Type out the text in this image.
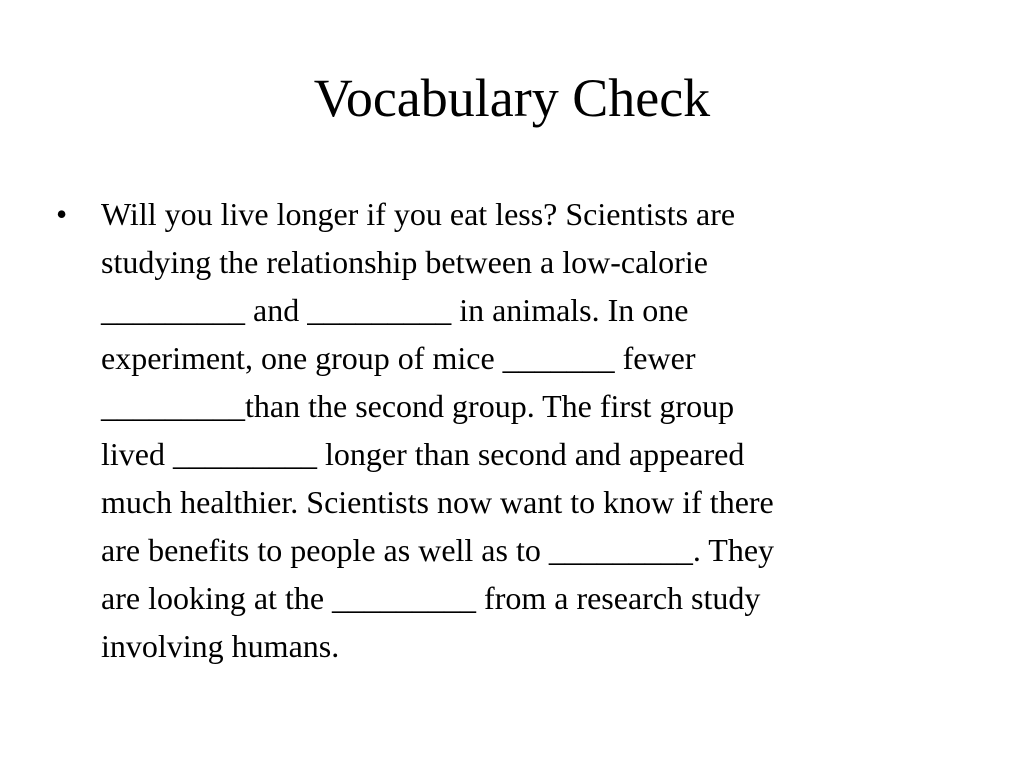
Vocabulary Check
•	Will you live longer if you eat less? Scientists are
studying the relationship between a low-calorie
_________ and _________ in animals. In one
experiment, one group of mice _______ fewer
_________than the second group. The first group
lived _________ longer than second and appeared
much healthier. Scientists now want to know if there
are benefits to people as well as to _________. They
are looking at the _________ from a research study
involving humans.
